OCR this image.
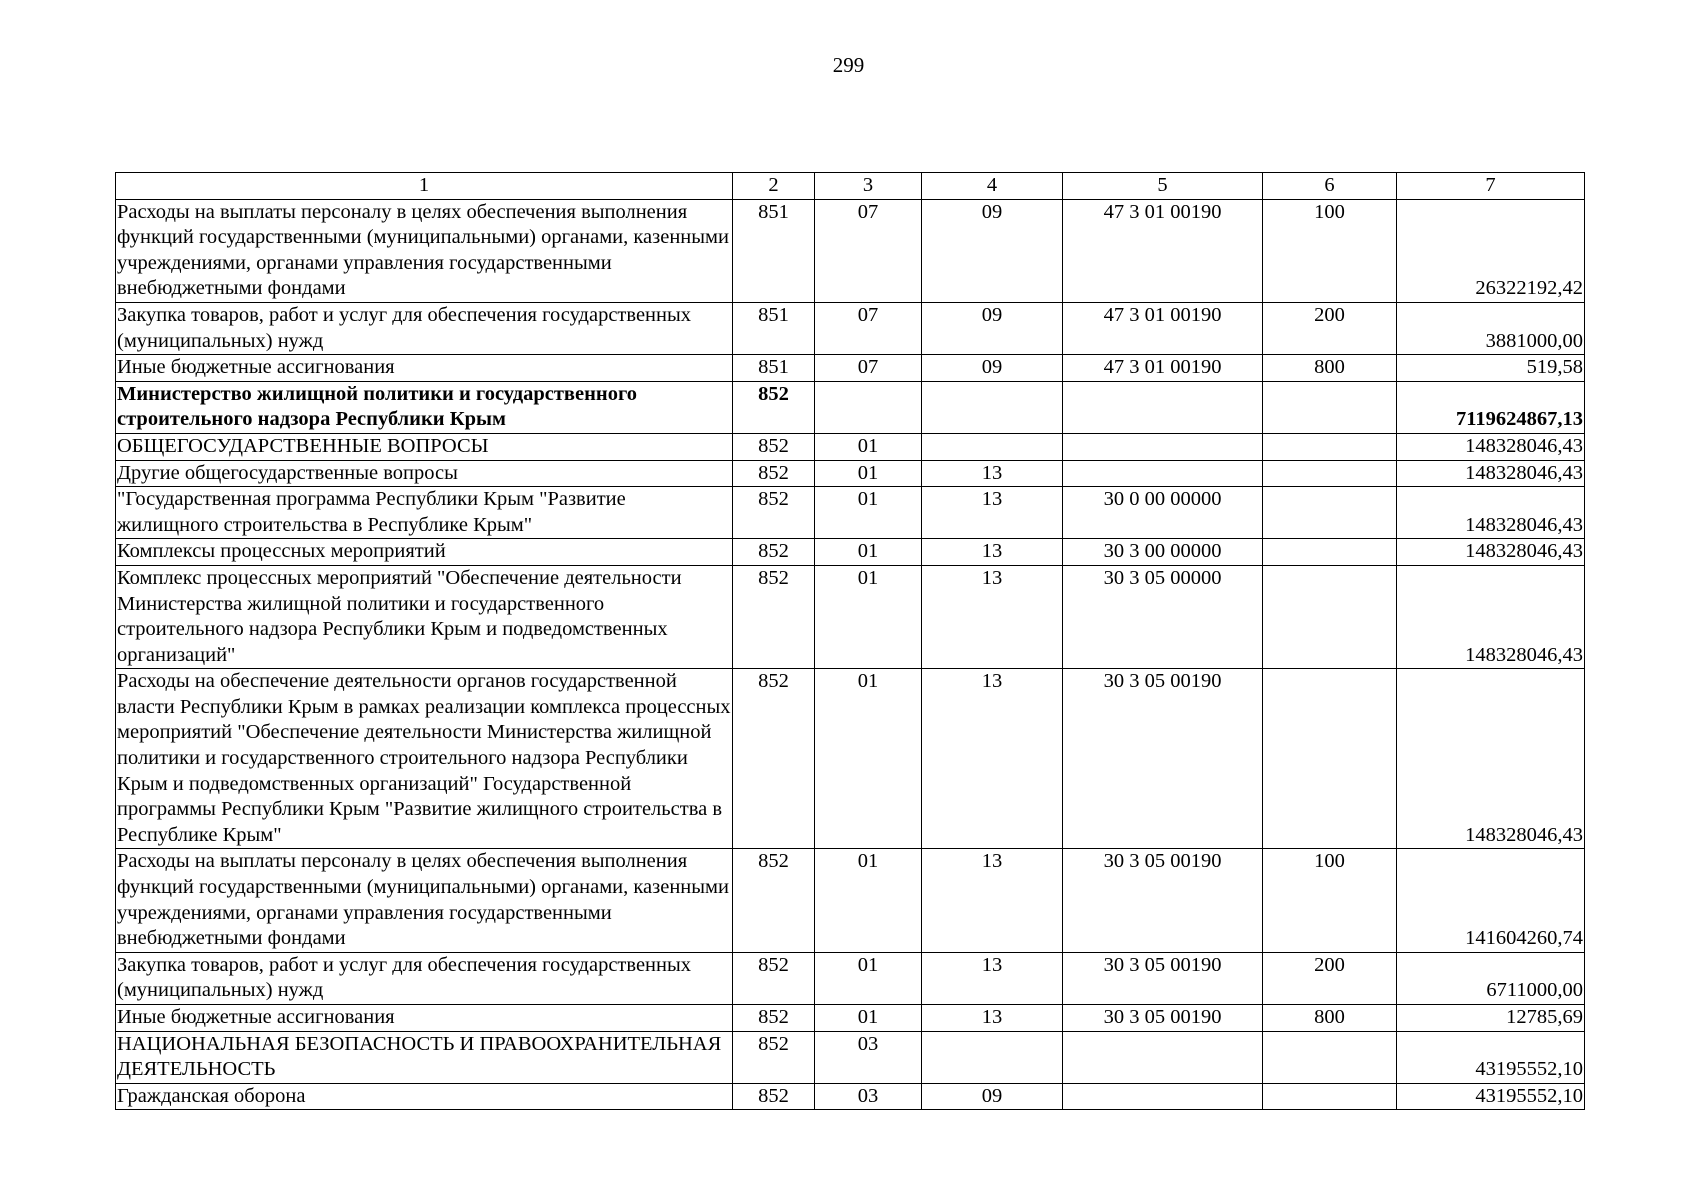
299
1	2	3	4	5	6	7
Расходы на выплаты персоналу в целях обеспечения выполнения функций государственными (муниципальными) органами, казенными учреждениями, органами управления государственными внебюджетными фондами	851	07	09	47 3 01 00190	100	26322192,42
Закупка товаров, работ и услуг для обеспечения государственных (муниципальных) нужд	851	07	09	47 3 01 00190	200	3881000,00
Иные бюджетные ассигнования	851	07	09	47 3 01 00190	800	519,58
Министерство жилищной политики и государственного строительного надзора Республики Крым	852					7119624867,13
ОБЩЕГОСУДАРСТВЕННЫЕ ВОПРОСЫ	852	01				148328046,43
Другие общегосударственные вопросы	852	01	13			148328046,43
"Государственная программа Республики Крым "Развитие жилищного строительства в Республике Крым"	852	01	13	30 0 00 00000		148328046,43
Комплексы процессных мероприятий	852	01	13	30 3 00 00000		148328046,43
Комплекс процессных мероприятий "Обеспечение деятельности Министерства жилищной политики и государственного строительного надзора Республики Крым и подведомственных организаций"	852	01	13	30 3 05 00000		148328046,43
Расходы на обеспечение деятельности органов государственной власти Республики Крым в рамках реализации комплекса процессных мероприятий "Обеспечение деятельности Министерства жилищной политики и государственного строительного надзора Республики Крым и подведомственных организаций" Государственной программы Республики Крым "Развитие жилищного строительства в Республике Крым"	852	01	13	30 3 05 00190		148328046,43
Расходы на выплаты персоналу в целях обеспечения выполнения функций государственными (муниципальными) органами, казенными учреждениями, органами управления государственными внебюджетными фондами	852	01	13	30 3 05 00190	100	141604260,74
Закупка товаров, работ и услуг для обеспечения государственных (муниципальных) нужд	852	01	13	30 3 05 00190	200	6711000,00
Иные бюджетные ассигнования	852	01	13	30 3 05 00190	800	12785,69
НАЦИОНАЛЬНАЯ БЕЗОПАСНОСТЬ И ПРАВООХРАНИТЕЛЬНАЯ ДЕЯТЕЛЬНОСТЬ	852	03				43195552,10
Гражданская оборона	852	03	09			43195552,10
